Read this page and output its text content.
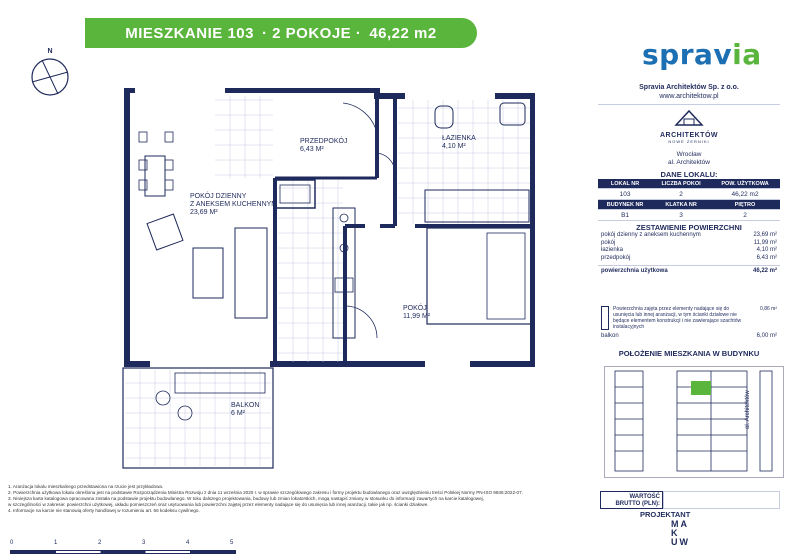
MIESZKANIE 103 · 2 POKOJE · 46,22 m2
N	spravia
PRZEDPOKÓJ
6,43 M²
ŁAZIENKA
4,10 M²
POKÓJ DZIENNY
Z ANEKSEM KUCHENNYM
23,69 M²
POKÓJ
11,99 M²
BALKON
6 M²
Spravia Architektów Sp. z o.o.
www.architektow.pl
ARCHITEKTÓW
NOWE ŻERNIKI
Wrocław
al. Architektów
DANE LOKALU:
LOKAL NR	LICZBA POKOI	POW. UŻYTKOWA
103	2	46,22 m2
BUDYNEK NR	KLATKA NR	PIĘTRO
B1	3	2
ZESTAWIENIE POWIERZCHNI
pokój dzienny z aneksem kuchennym	23,69 m²
pokój	11,99 m²
łazienka	4,10 m²
przedpokój	6,43 m²
powierzchnia użytkowa	46,22 m²
Powierzchnia zajęta przez elementy nadające się do usunięcia lub innej aranżacji, w tym ścianki działowe nie będące elementem konstrukcji i nie zawierające szachtów instalacyjnych
0,86 m²
balkon	6,00 m²
POŁOŻENIE MIESZKANIA W BUDYNKU
al. Architektów
WARTOŚĆ BRUTTO (PLN):
PROJEKTANT
MA K UW
1. Aranżacja lokalu mieszkalnego przedstawiona na rzucie jest przykładowa.
2. Powierzchnia użytkowa lokalu określona jest na podstawie Rozporządzenia Ministra Rozwoju z dnia 11 września 2020 r. w sprawie szczegółowego zakresu i formy projektu budowlanego oraz uwzględnieniu treści Polskiej Normy PN-ISO 9836:2022-07.
3. Niniejsza karta katalogowa opracowana została na podstawie projektu budowlanego. W toku dalszego projektowania, budowy lub zmian lokatorskich, mogą nastąpić zmiany w stosunku do informacji zawartych na karcie katalogowej,
w szczególności w zakresie: powierzchni użytkowej, układu pomieszczeń oraz usytuowania lub powierzchni zajętej przez elementy nadające się do usunięcia lub innej aranżacji, takie jak np. ścianki działowe.
4. Informacje na karcie nie stanowią oferty handlowej w rozumieniu art. 66 kodeksu cywilnego.
0	1	2	3	4	5
